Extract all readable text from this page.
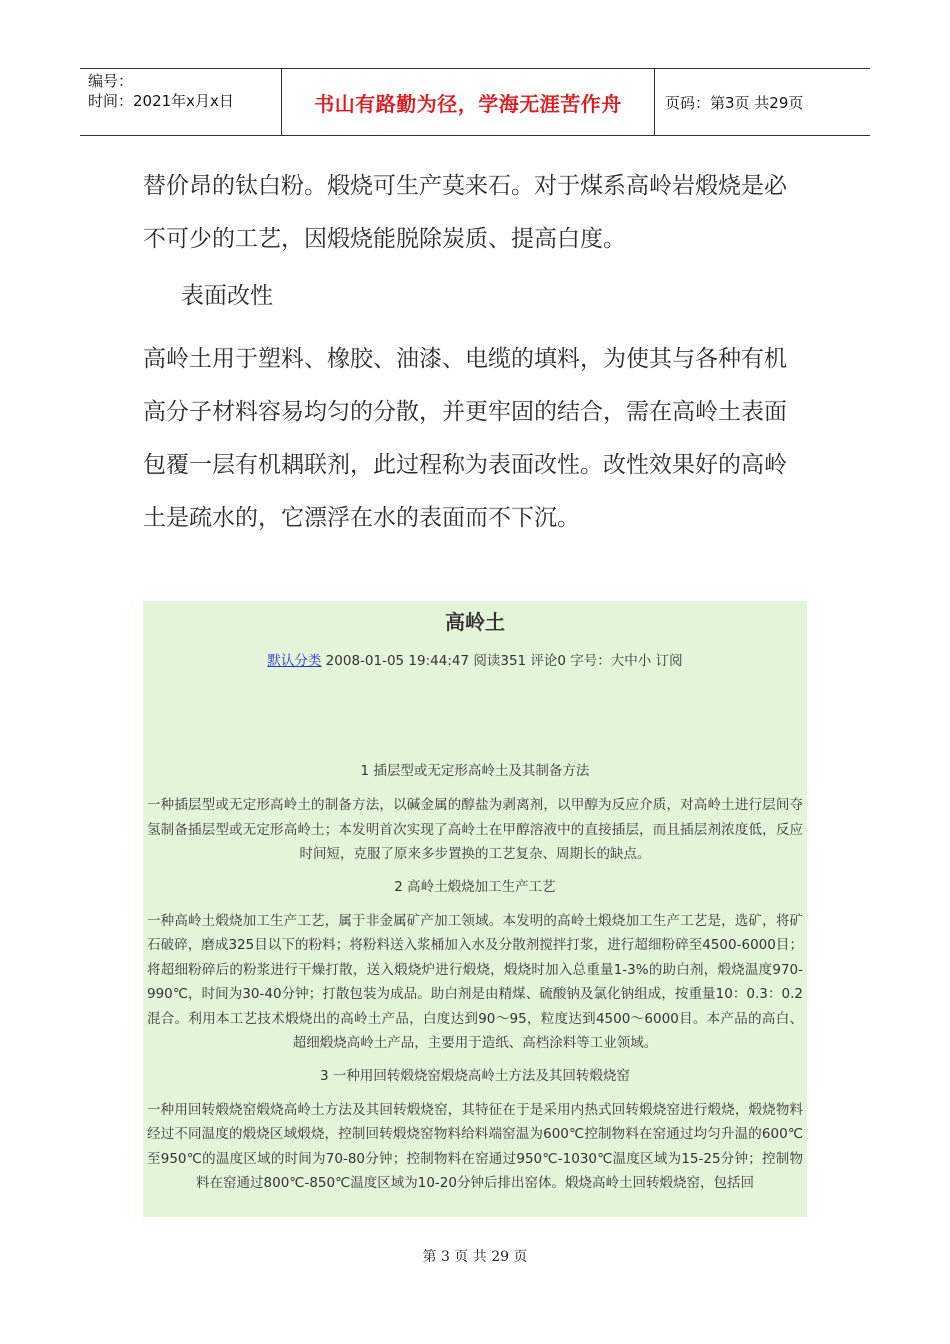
编号：
时间：2021年x月x日	书山有路勤为径，学海无涯苦作舟	页码：第3页 共29页

替价昂的钛白粉。煅烧可生产莫来石。对于煤系高岭岩煅烧是必不可少的工艺，因煅烧能脱除炭质、提高白度。

表面改性

高岭土用于塑料、橡胶、油漆、电缆的填料，为使其与各种有机高分子材料容易均匀的分散，并更牢固的结合，需在高岭土表面包覆一层有机耦联剂，此过程称为表面改性。改性效果好的高岭土是疏水的，它漂浮在水的表面而不下沉。

高岭土
默认分类 2008-01-05 19:44:47 阅读351 评论0 字号：大中小 订阅
1 插层型或无定形高岭土及其制备方法
一种插层型或无定形高岭土的制备方法，以碱金属的醇盐为剥离剂，以甲醇为反应介质，对高岭土进行层间夺氢制备插层型或无定形高岭土；本发明首次实现了高岭土在甲醇溶液中的直接插层，而且插层剂浓度低，反应时间短，克服了原来多步置换的工艺复杂、周期长的缺点。
2 高岭土煅烧加工生产工艺
一种高岭土煅烧加工生产工艺，属于非金属矿产加工领域。本发明的高岭土煅烧加工生产工艺是，选矿，将矿石破碎，磨成325目以下的粉料；将粉料送入浆桶加入水及分散剂搅拌打浆，进行超细粉碎至4500-6000目；将超细粉碎后的粉浆进行干燥打散，送入煅烧炉进行煅烧，煅烧时加入总重量1-3%的助白剂，煅烧温度970-990℃，时间为30-40分钟；打散包装为成品。助白剂是由精煤、硫酸钠及氯化钠组成，按重量10：0.3：0.2混合。利用本工艺技术煅烧出的高岭土产品，白度达到90～95，粒度达到4500～6000目。本产品的高白、超细煅烧高岭土产品，主要用于造纸、高档涂料等工业领域。
3 一种用回转煅烧窑煅烧高岭土方法及其回转煅烧窑
一种用回转煅烧窑煅烧高岭土方法及其回转煅烧窑，其特征在于是采用内热式回转煅烧窑进行煅烧，煅烧物料经过不同温度的煅烧区域煅烧，控制回转煅烧窑物料给料端窑温为600℃控制物料在窑通过均匀升温的600℃至950℃的温度区域的时间为70-80分钟；控制物料在窑通过950℃-1030℃温度区域为15-25分钟；控制物料在窑通过800℃-850℃温度区域为10-20分钟后排出窑体。煅烧高岭土回转煅烧窑，包括回
第 3 页 共 29 页
